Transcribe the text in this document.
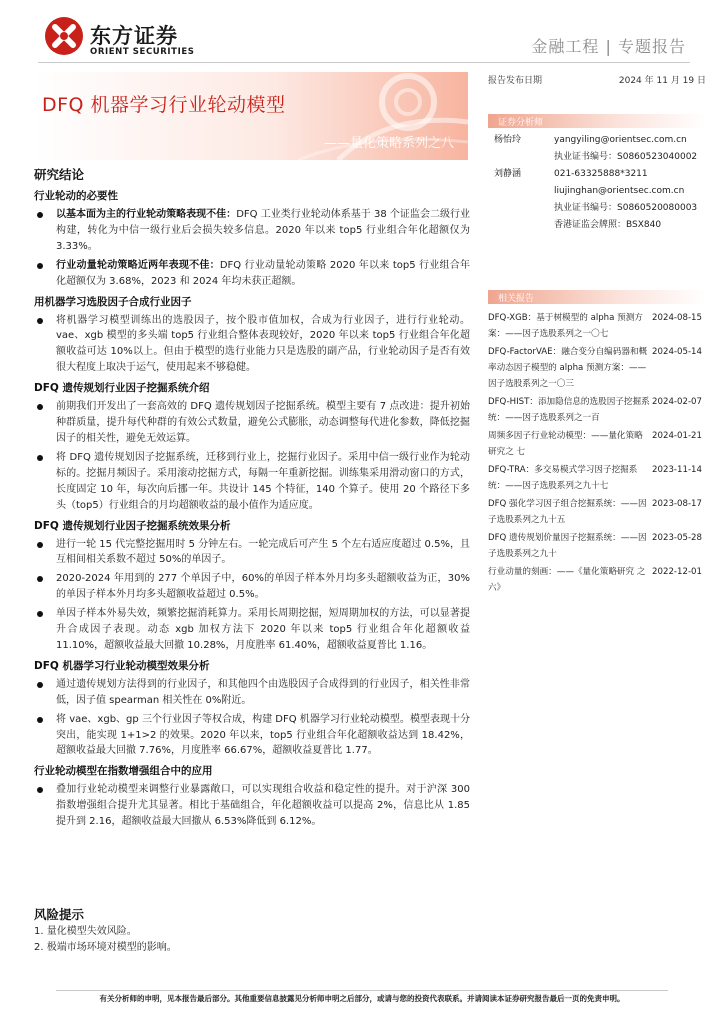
东方证券
ORIENT SECURITIES	金融工程 | 专题报告
DFQ 机器学习行业轮动模型
——量化策略系列之八
研究结论
行业轮动的必要性
以基本面为主的行业轮动策略表现不佳：DFQ 工业类行业轮动体系基于 38 个证监会二级行业构建，转化为中信一级行业后会损失较多信息。2020 年以来 top5 行业组合年化超额仅为 3.33%。
行业动量轮动策略近两年表现不佳：DFQ 行业动量轮动策略 2020 年以来 top5 行业组合年化超额仅为 3.68%，2023 和 2024 年均未获正超额。
用机器学习选股因子合成行业因子
将机器学习模型训练出的选股因子，按个股市值加权，合成为行业因子，进行行业轮动。vae、xgb 模型的多头端 top5 行业组合整体表现较好，2020 年以来 top5 行业组合年化超额收益可达 10%以上。但由于模型的选行业能力只是选股的副产品，行业轮动因子是否有效很大程度上取决于运气，使用起来不够稳健。
DFQ 遗传规划行业因子挖掘系统介绍
前期我们开发出了一套高效的 DFQ 遗传规划因子挖掘系统。模型主要有 7 点改进：提升初始种群质量，提升每代种群的有效公式数量，避免公式膨胀，动态调整每代进化参数，降低挖掘因子的相关性，避免无效运算。
将 DFQ 遗传规划因子挖掘系统，迁移到行业上，挖掘行业因子。采用中信一级行业作为轮动标的。挖掘月频因子。采用滚动挖掘方式，每隔一年重新挖掘。训练集采用滑动窗口的方式，长度固定 10 年，每次向后挪一年。共设计 145 个特征，140 个算子。使用 20 个路径下多头（top5）行业组合的月均超额收益的最小值作为适应度。
DFQ 遗传规划行业因子挖掘系统效果分析
进行一轮 15 代完整挖掘用时 5 分钟左右。一轮完成后可产生 5 个左右适应度超过 0.5%，且互相间相关系数不超过 50%的单因子。
2020-2024 年用到的 277 个单因子中，60%的单因子样本外月均多头超额收益为正，30%的单因子样本外月均多头超额收益超过 0.5%。
单因子样本外易失效，频繁挖掘消耗算力。采用长周期挖掘，短周期加权的方法，可以显著提升合成因子表现。动态 xgb 加权方法下 2020 年以来 top5 行业组合年化超额收益 11.10%，超额收益最大回撤 10.28%，月度胜率 61.40%，超额收益夏普比 1.16。
DFQ 机器学习行业轮动模型效果分析
通过遗传规划方法得到的行业因子，和其他四个由选股因子合成得到的行业因子，相关性非常低，因子值 spearman 相关性在 0%附近。
将 vae、xgb、gp 三个行业因子等权合成，构建 DFQ 机器学习行业轮动模型。模型表现十分突出，能实现 1+1>2 的效果。2020 年以来，top5 行业组合年化超额收益达到 18.42%，超额收益最大回撤 7.76%，月度胜率 66.67%，超额收益夏普比 1.77。
行业轮动模型在指数增强组合中的应用
叠加行业轮动模型来调整行业暴露敞口，可以实现组合收益和稳定性的提升。对于沪深 300 指数增强组合提升尤其显著。相比于基础组合，年化超额收益可以提高 2%，信息比从 1.85 提升到 2.16，超额收益最大回撤从 6.53%降低到 6.12%。
风险提示
1. 量化模型失效风险。
2. 极端市场环境对模型的影响。
报告发布日期	2024 年 11 月 19 日
证券分析师
杨怡玲	yangyiling@orientsec.com.cn
执业证书编号：S0860523040002
刘静涵	021-63325888*3211
liujinghan@orientsec.com.cn
执业证书编号：S0860520080003
香港证监会牌照：BSX840
相关报告
DFQ-XGB：基于树模型的 alpha 预测方案：——因子选股系列之一〇七
2024-08-15
DFQ-FactorVAE：融合变分自编码器和概率动态因子模型的 alpha 预测方案：——因子选股系列之一〇三
2024-05-14
DFQ-HIST：添加隐信息的选股因子挖掘系统：——因子选股系列之一百
2024-02-07
周频多因子行业轮动模型：——量化策略研究之 七
2024-01-21
DFQ-TRA：多交易模式学习因子挖掘系统：——因子选股系列之九十七
2023-11-14
DFQ 强化学习因子组合挖掘系统：——因子选股系列之九十五
2023-08-17
DFQ 遗传规划价量因子挖掘系统：——因子选股系列之九十
2023-05-28
行业动量的刻画：——《量化策略研究 之六》
2022-12-01
有关分析师的申明，见本报告最后部分。其他重要信息披露见分析师申明之后部分，或请与您的投资代表联系。并请阅读本证券研究报告最后一页的免责申明。
